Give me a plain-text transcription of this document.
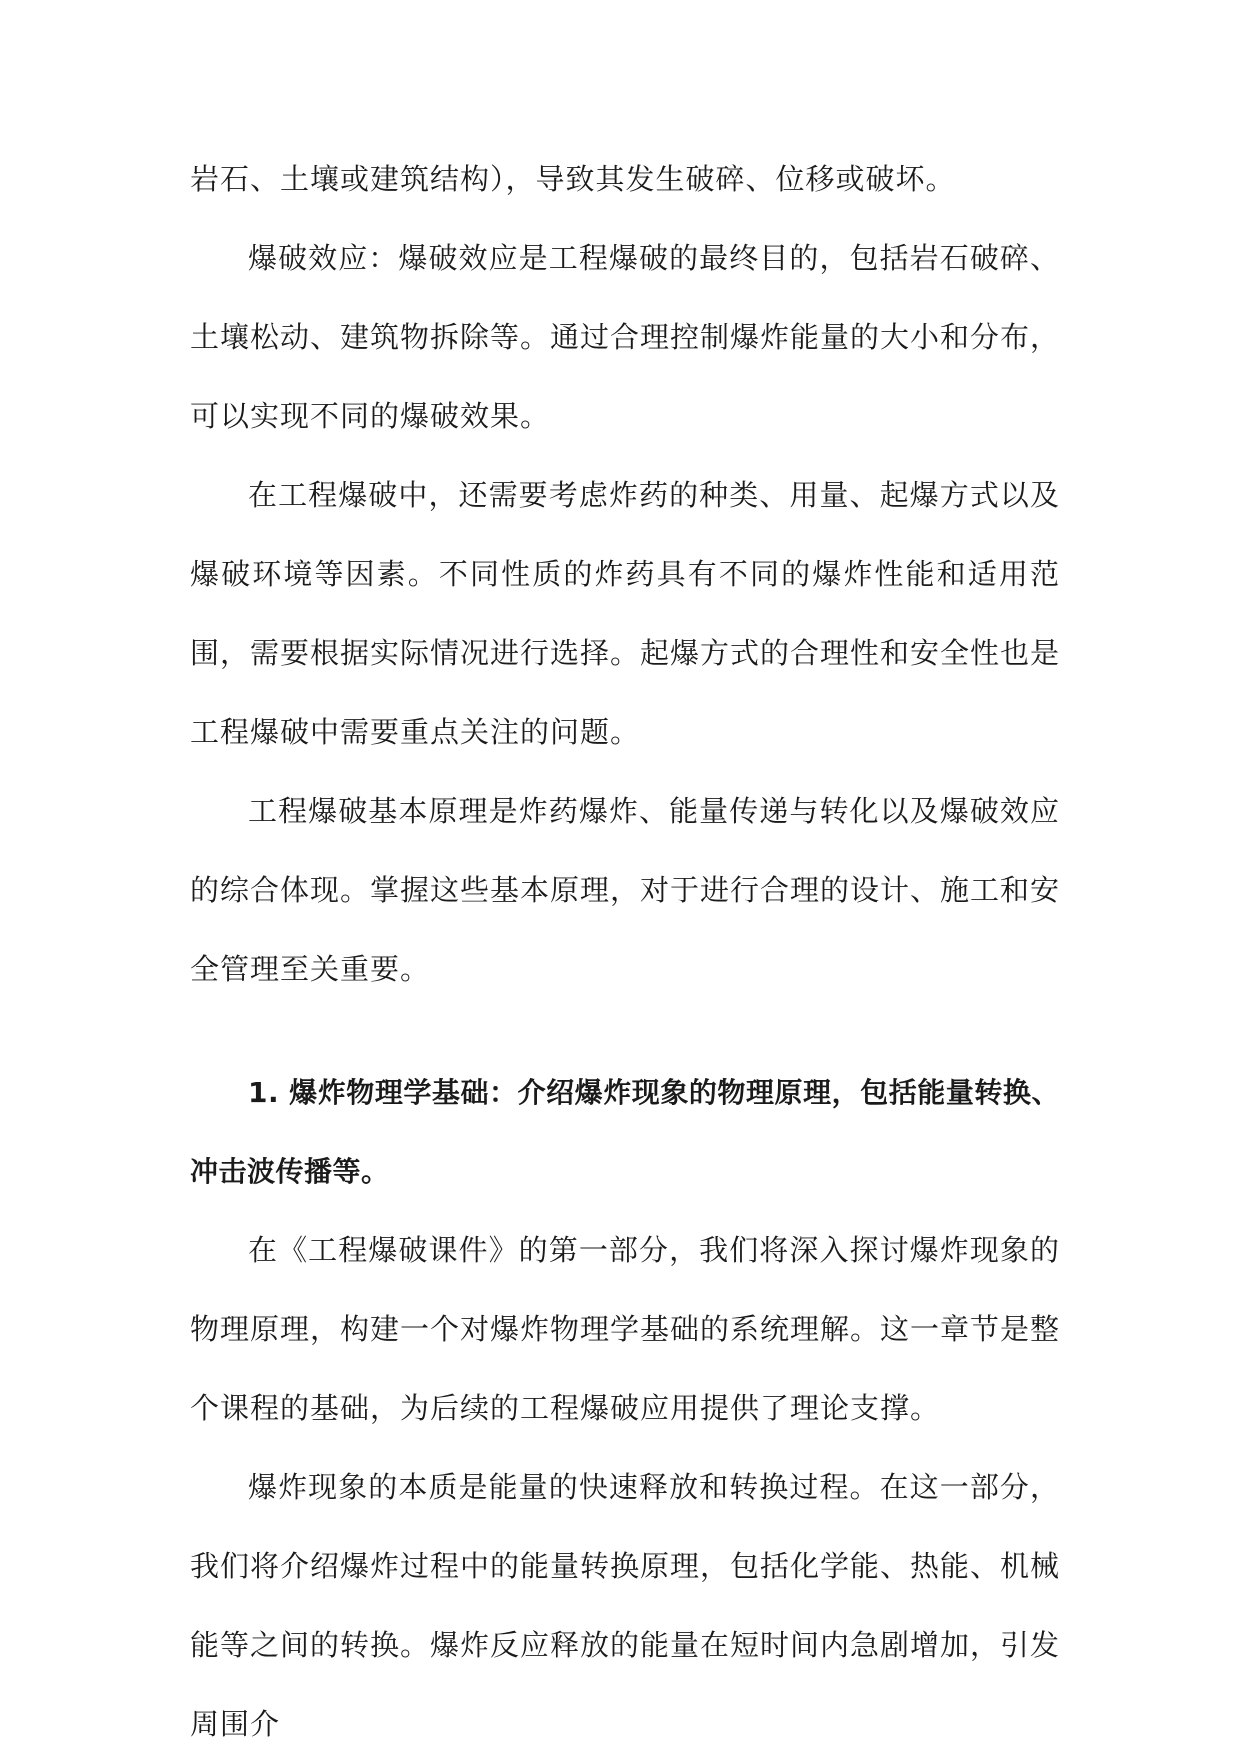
岩石、土壤或建筑结构），导致其发生破碎、位移或破坏。

爆破效应：爆破效应是工程爆破的最终目的，包括岩石破碎、土壤松动、建筑物拆除等。通过合理控制爆炸能量的大小和分布，可以实现不同的爆破效果。

在工程爆破中，还需要考虑炸药的种类、用量、起爆方式以及爆破环境等因素。不同性质的炸药具有不同的爆炸性能和适用范围，需要根据实际情况进行选择。起爆方式的合理性和安全性也是工程爆破中需要重点关注的问题。

工程爆破基本原理是炸药爆炸、能量传递与转化以及爆破效应的综合体现。掌握这些基本原理，对于进行合理的设计、施工和安全管理至关重要。

1. 爆炸物理学基础：介绍爆炸现象的物理原理，包括能量转换、冲击波传播等。

在《工程爆破课件》的第一部分，我们将深入探讨爆炸现象的物理原理，构建一个对爆炸物理学基础的系统理解。这一章节是整个课程的基础，为后续的工程爆破应用提供了理论支撑。

爆炸现象的本质是能量的快速释放和转换过程。在这一部分，我们将介绍爆炸过程中的能量转换原理，包括化学能、热能、机械能等之间的转换。爆炸反应释放的能量在短时间内急剧增加，引发周围介
